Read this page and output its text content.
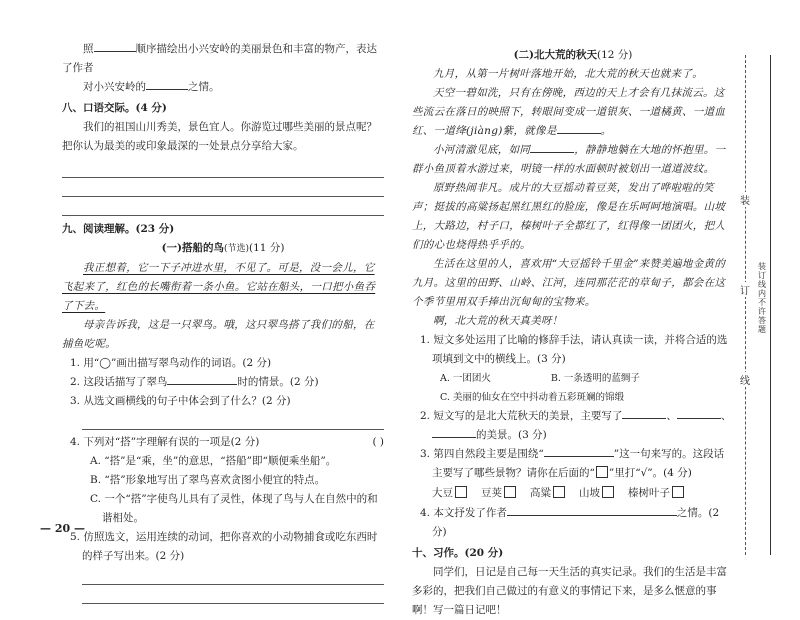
照	顺序描绘出小兴安岭的美丽景色和丰富的物产，表达了作者

对小兴安岭的	之情。

八、口语交际。(4 分)

我们的祖国山川秀美，景色宜人。你游览过哪些美丽的景点呢？把你认为最美的或印象最深的一处景点分享给大家。

九、阅读理解。(23 分)

(一)搭船的鸟(节选)(11 分)

我正想着，它一下子冲进水里，不见了。可是，没一会儿，它飞起来了，红色的长嘴衔着一条小鱼。它站在船头，一口把小鱼吞了下去。

母亲告诉我，这是一只翠鸟。哦，这只翠鸟搭了我们的船，在捕鱼吃呢。

1. 用“◯”画出描写翠鸟动作的词语。(2 分)

2. 这段话描写了翠鸟	时的情景。(2 分)

3. 从选文画横线的句子中体会到了什么？(2 分)

4. 下列对“搭”字理解有误的一项是(2 分)	( )

A. “搭”是“乘，坐”的意思，“搭船”即“顺便乘坐船”。

B. “搭”形象地写出了翠鸟喜欢贪图小便宜的特点。

C. 一个“搭”字使鸟儿具有了灵性，体现了鸟与人在自然中的和谐相处。

5. 仿照选文，运用连续的动词，把你喜欢的小动物捕食或吃东西时的样子写出来。(2 分)

— 20 —

(二)北大荒的秋天(12 分)

九月，从第一片树叶落地开始，北大荒的秋天也就来了。

天空一碧如洗，只有在傍晚，西边的天上才会有几抹流云。这些流云在落日的映照下，转眼间变成一道银灰、一道橘黄、一道血红、一道绛(jiàng)紫，就像是	。

小河清澈见底，如同	，静静地躺在大地的怀抱里。一群小鱼顶着水游过来，明镜一样的水面顿时被划出一道道波纹。

原野热闹非凡。成片的大豆摇动着豆荚，发出了哗啦啦的笑声；挺拔的高粱扬起黑红黑红的脸庞，像是在乐呵呵地演唱。山坡上，大路边，村子口，榛树叶子全都红了，红得像一团团火，把人们的心也烧得热乎乎的。

生活在这里的人，喜欢用“大豆摇铃千里金”来赞美遍地金黄的九月。这里的田野、山岭、江河，连同那茫茫的草甸子，都会在这个季节里用双手捧出沉甸甸的宝物来。

啊，北大荒的秋天真美呀！

1. 短文多处运用了比喻的修辞手法，请认真读一读，并将合适的选项填到文中的横线上。(3 分)

A. 一团团火	B. 一条透明的蓝绸子

C. 美丽的仙女在空中抖动着五彩斑斓的锦缎

2. 短文写的是北大荒秋天的美景，主要写了	、	、的美景。(3 分)

3. 第四自然段主要是围绕“	”这一句来写的。这段话主要写了哪些景物？请你在后面的“ ”里打“√”。(4 分)

大豆	豆荚	高粱	山坡	榛树叶子

4. 本文抒发了作者	之情。(2 分)

十、习作。(20 分)

同学们，日记是自己每一天生活的真实记录。我们的生活是丰富多彩的，把我们自己做过的有意义的事情记下来，是多么惬意的事啊！写一篇日记吧！

装
订
线
装订线内不许答题
